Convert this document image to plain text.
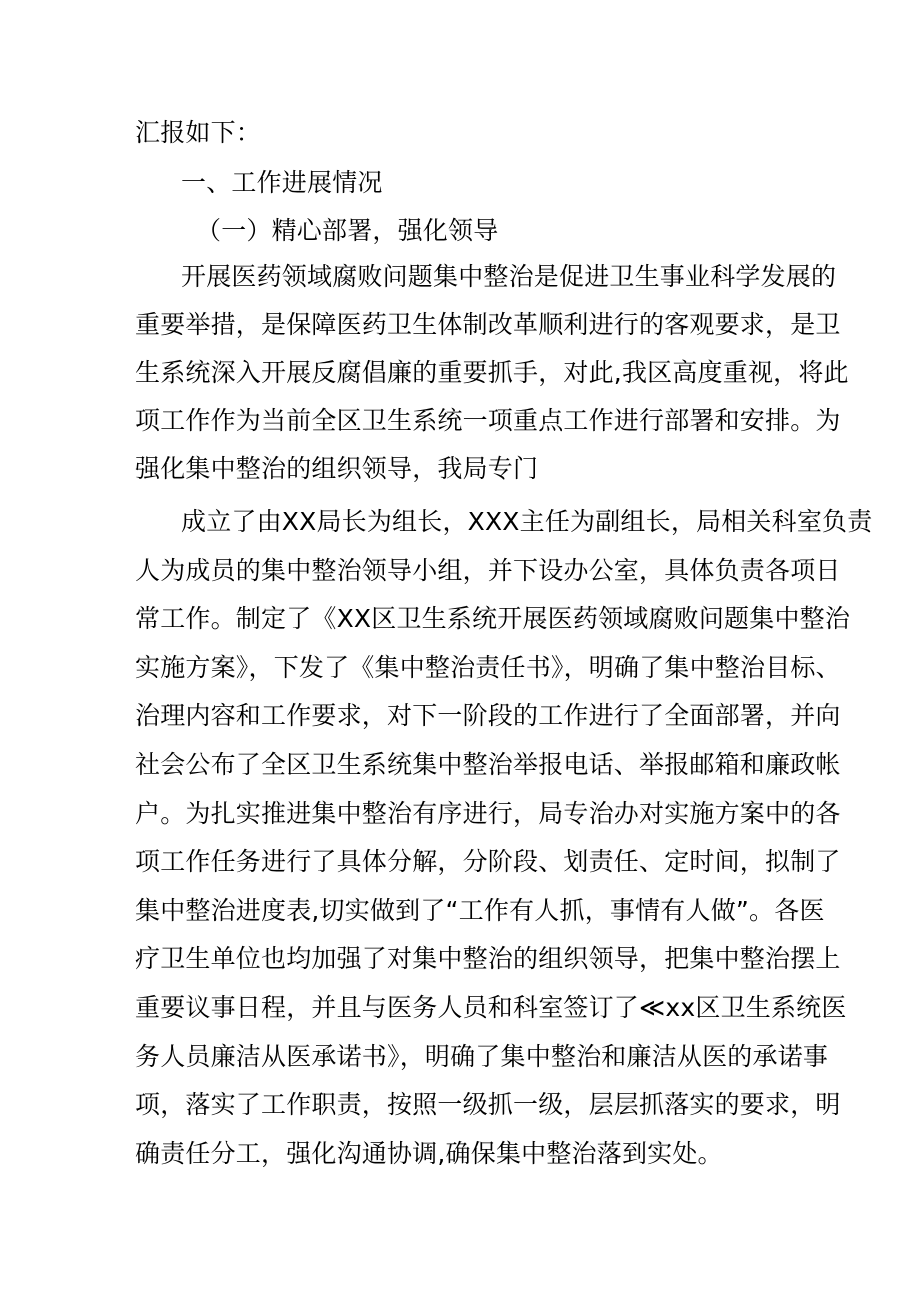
汇报如下：
一、工作进展情况
（一）精心部署，强化领导
开展医药领域腐败问题集中整治是促进卫生事业科学发展的
重要举措，是保障医药卫生体制改革顺利进行的客观要求，是卫
生系统深入开展反腐倡廉的重要抓手，对此,我区高度重视，将此
项工作作为当前全区卫生系统一项重点工作进行部署和安排。为
强化集中整治的组织领导，我局专门
成立了由XX局长为组长，XXX主任为副组长，局相关科室负责
人为成员的集中整治领导小组，并下设办公室，具体负责各项日
常工作。制定了《XX区卫生系统开展医药领域腐败问题集中整治
实施方案》，下发了《集中整治责任书》，明确了集中整治目标、
治理内容和工作要求，对下一阶段的工作进行了全面部署，并向
社会公布了全区卫生系统集中整治举报电话、举报邮箱和廉政帐
户。为扎实推进集中整治有序进行，局专治办对实施方案中的各
项工作任务进行了具体分解，分阶段、划责任、定时间，拟制了
集中整治进度表,切实做到了“工作有人抓，事情有人做”。各医
疗卫生单位也均加强了对集中整治的组织领导，把集中整治摆上
重要议事日程，并且与医务人员和科室签订了≪xx区卫生系统医
务人员廉洁从医承诺书》，明确了集中整治和廉洁从医的承诺事
项，落实了工作职责，按照一级抓一级，层层抓落实的要求，明
确责任分工，强化沟通协调,确保集中整治落到实处。
